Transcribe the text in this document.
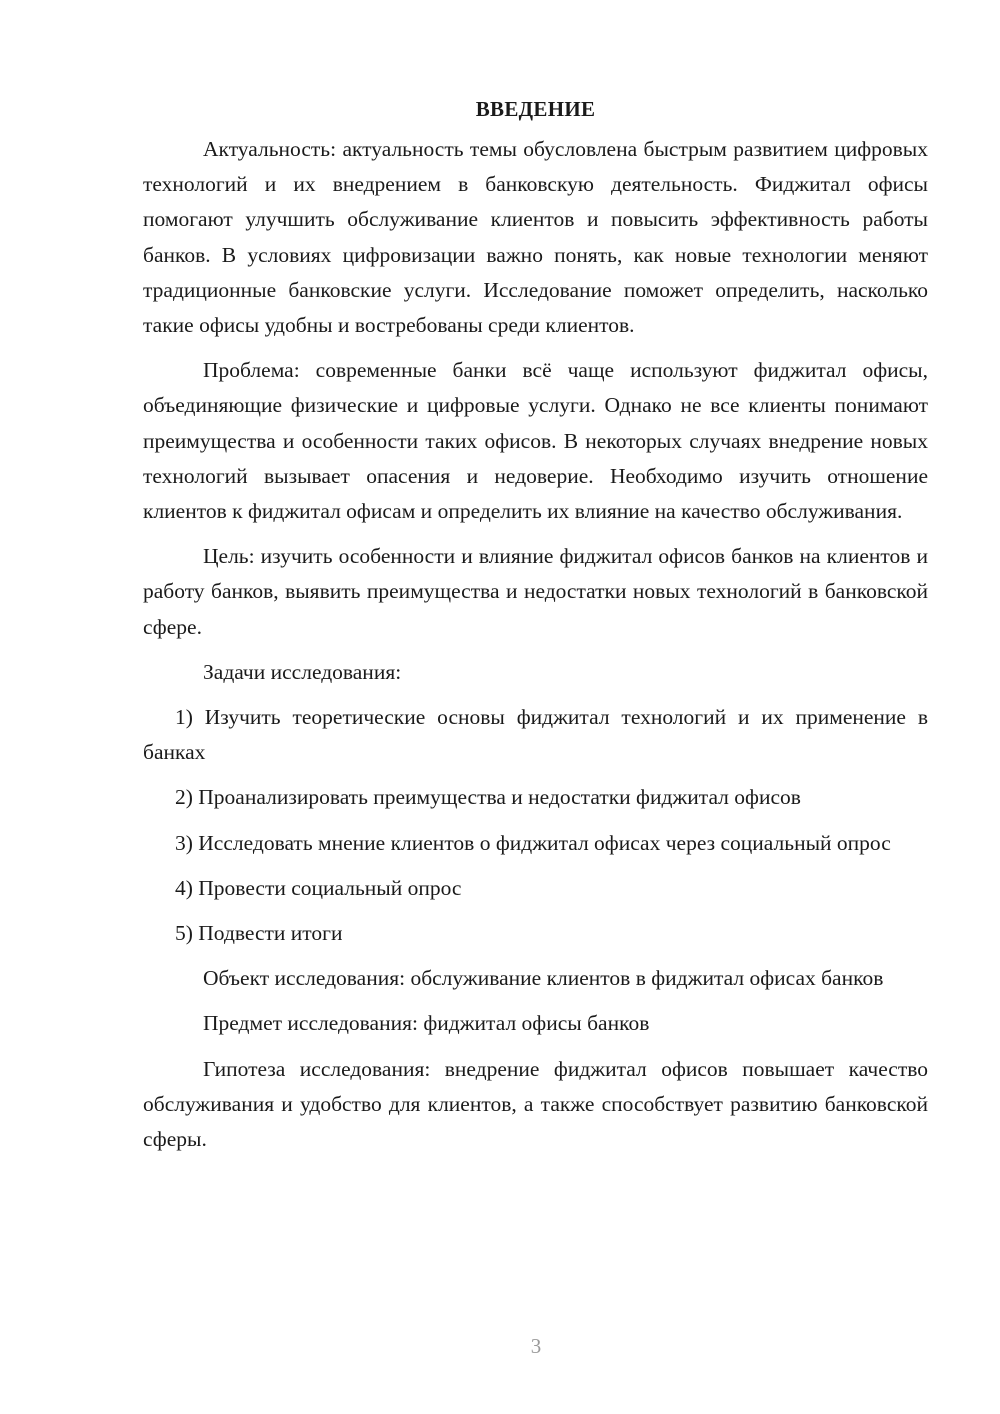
ВВЕДЕНИЕ
Актуальность: актуальность темы обусловлена быстрым развитием цифровых технологий и их внедрением в банковскую деятельность. Фиджитал офисы помогают улучшить обслуживание клиентов и повысить эффективность работы банков. В условиях цифровизации важно понять, как новые технологии меняют традиционные банковские услуги. Исследование поможет определить, насколько такие офисы удобны и востребованы среди клиентов.
Проблема: современные банки всё чаще используют фиджитал офисы, объединяющие физические и цифровые услуги. Однако не все клиенты понимают преимущества и особенности таких офисов. В некоторых случаях внедрение новых технологий вызывает опасения и недоверие. Необходимо изучить отношение клиентов к фиджитал офисам и определить их влияние на качество обслуживания.
Цель: изучить особенности и влияние фиджитал офисов банков на клиентов и работу банков, выявить преимущества и недостатки новых технологий в банковской сфере.
Задачи исследования:
1) Изучить теоретические основы фиджитал технологий и их применение в банках
2) Проанализировать преимущества и недостатки фиджитал офисов
3) Исследовать мнение клиентов о фиджитал офисах через социальный опрос
4) Провести социальный опрос
5) Подвести итоги
Объект исследования: обслуживание клиентов в фиджитал офисах банков
Предмет исследования: фиджитал офисы банков
Гипотеза исследования: внедрение фиджитал офисов повышает качество обслуживания и удобство для клиентов, а также способствует развитию банковской сферы.
3
